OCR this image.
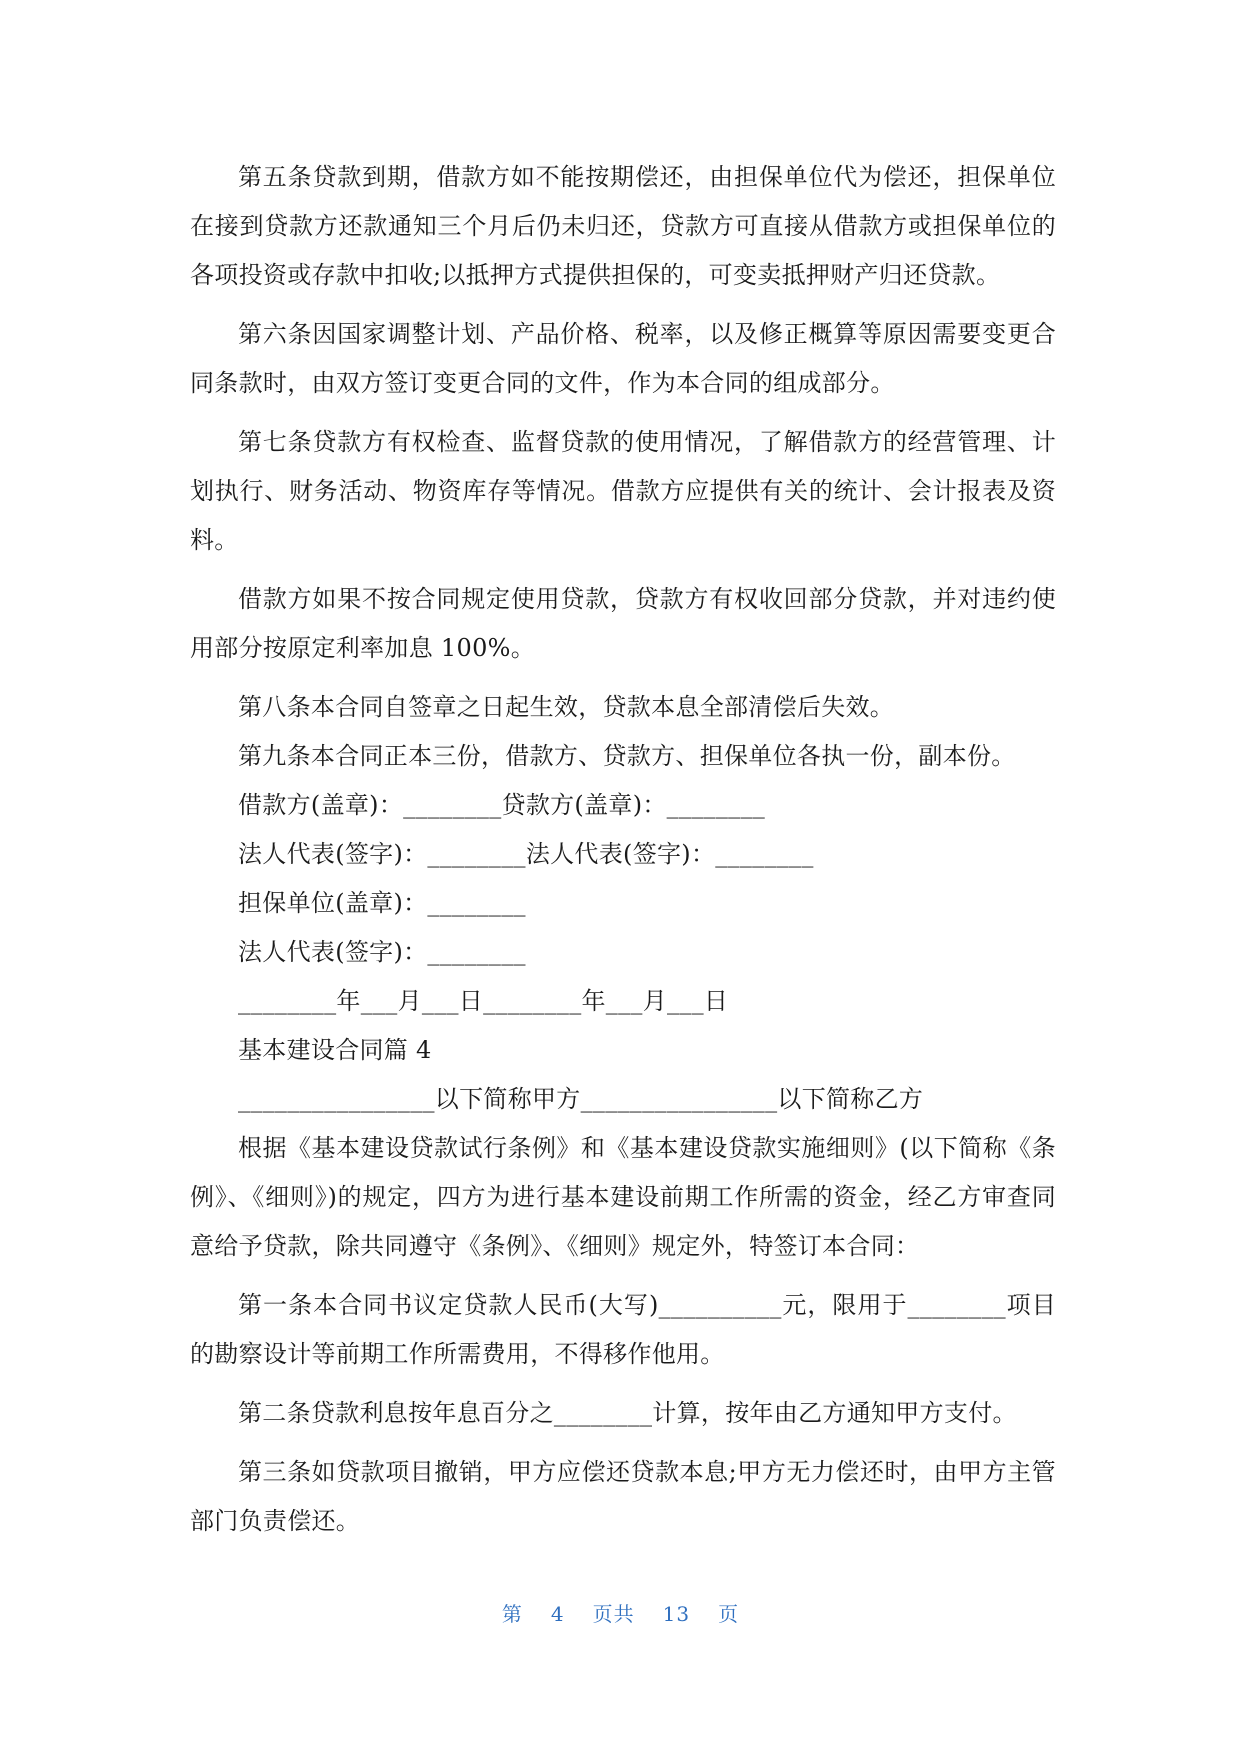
第五条贷款到期，借款方如不能按期偿还，由担保单位代为偿还，担保单位在接到贷款方还款通知三个月后仍未归还，贷款方可直接从借款方或担保单位的各项投资或存款中扣收;以抵押方式提供担保的，可变卖抵押财产归还贷款。

第六条因国家调整计划、产品价格、税率，以及修正概算等原因需要变更合同条款时，由双方签订变更合同的文件，作为本合同的组成部分。

第七条贷款方有权检查、监督贷款的使用情况，了解借款方的经营管理、计划执行、财务活动、物资库存等情况。借款方应提供有关的统计、会计报表及资料。

借款方如果不按合同规定使用贷款，贷款方有权收回部分贷款，并对违约使用部分按原定利率加息 100%。

第八条本合同自签章之日起生效，贷款本息全部清偿后失效。

第九条本合同正本三份，借款方、贷款方、担保单位各执一份，副本份。

借款方(盖章)：________贷款方(盖章)：________

法人代表(签字)：________法人代表(签字)：________

担保单位(盖章)：________

法人代表(签字)：________

________年___月___日________年___月___日

基本建设合同篇 4

________________以下简称甲方________________以下简称乙方

根据《基本建设贷款试行条例》和《基本建设贷款实施细则》(以下简称《条例》、《细则》)的规定，四方为进行基本建设前期工作所需的资金，经乙方审查同意给予贷款，除共同遵守《条例》、《细则》规定外，特签订本合同：

第一条本合同书议定贷款人民币(大写)__________元，限用于________项目的勘察设计等前期工作所需费用，不得移作他用。

第二条贷款利息按年息百分之________计算，按年由乙方通知甲方支付。

第三条如贷款项目撤销，甲方应偿还贷款本息;甲方无力偿还时，由甲方主管部门负责偿还。

第 4 页共 13 页
